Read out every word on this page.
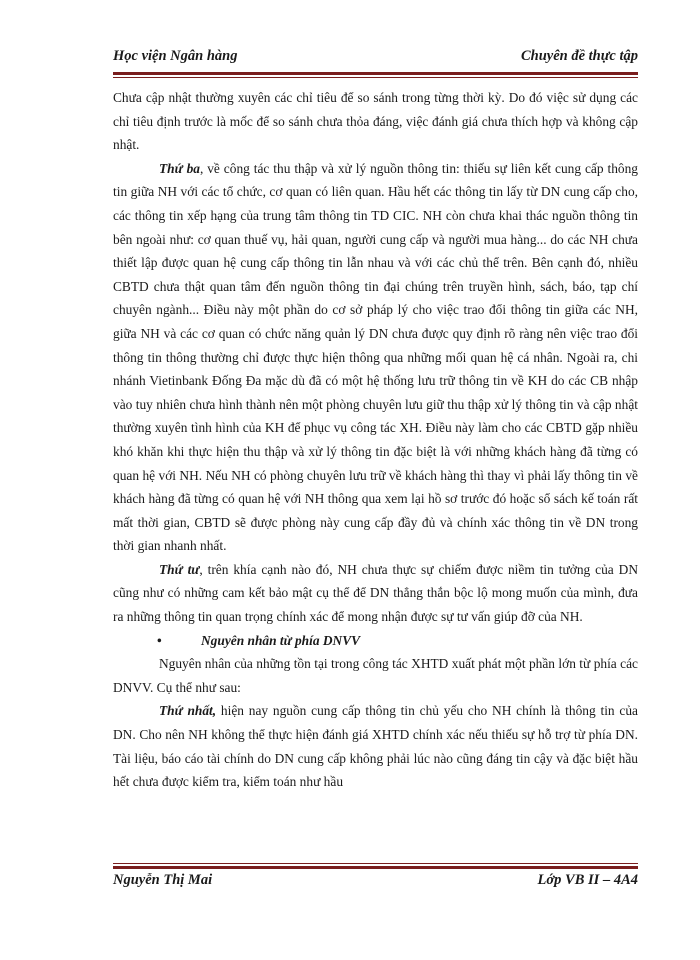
Học viện Ngân hàng	Chuyên đề thực tập

Chưa cập nhật thường xuyên các chỉ tiêu để so sánh trong từng thời kỳ. Do đó việc sử dụng các chỉ tiêu định trước là mốc để so sánh chưa thỏa đáng, việc đánh giá chưa thích hợp và không cập nhật.

Thứ ba, về công tác thu thập và xử lý nguồn thông tin: thiếu sự liên kết cung cấp thông tin giữa NH với các tổ chức, cơ quan có liên quan. Hầu hết các thông tin lấy từ DN cung cấp cho, các thông tin xếp hạng của trung tâm thông tin TD CIC. NH còn chưa khai thác nguồn thông tin bên ngoài như: cơ quan thuế vụ, hải quan, người cung cấp và người mua hàng... do các NH chưa thiết lập được quan hệ cung cấp thông tin lẫn nhau và với các chủ thể trên. Bên cạnh đó, nhiều CBTD chưa thật quan tâm đến nguồn thông tin đại chúng trên truyền hình, sách, báo, tạp chí chuyên ngành... Điều này một phần do cơ sở pháp lý cho việc trao đổi thông tin giữa các NH, giữa NH và các cơ quan có chức năng quản lý DN chưa được quy định rõ ràng nên việc trao đổi thông tin thông thường chỉ được thực hiện thông qua những mối quan hệ cá nhân. Ngoài ra, chi nhánh Vietinbank Đống Đa mặc dù đã có một hệ thống lưu trữ thông tin về KH do các CB nhập vào tuy nhiên chưa hình thành nên một phòng chuyên lưu giữ thu thập xử lý thông tin và cập nhật thường xuyên tình hình của KH để phục vụ công tác XH. Điều này làm cho các CBTD gặp nhiều khó khăn khi thực hiện thu thập và xử lý thông tin đặc biệt là với những khách hàng đã từng có quan hệ với NH. Nếu NH có phòng chuyên lưu trữ về khách hàng thì thay vì phải lấy thông tin về khách hàng đã từng có quan hệ với NH thông qua xem lại hồ sơ trước đó hoặc sổ sách kế toán rất mất thời gian, CBTD sẽ được phòng này cung cấp đầy đủ và chính xác thông tin về DN trong thời gian nhanh nhất.

Thứ tư, trên khía cạnh nào đó, NH chưa thực sự chiếm được niềm tin tưởng của DN cũng như có những cam kết bảo mật cụ thể để DN thẳng thắn bộc lộ mong muốn của mình, đưa ra những thông tin quan trọng chính xác để mong nhận được sự tư vấn giúp đỡ của NH.

•	Nguyên nhân từ phía DNVV

Nguyên nhân của những tồn tại trong công tác XHTD xuất phát một phần lớn từ phía các DNVV. Cụ thể như sau:

Thứ nhất, hiện nay nguồn cung cấp thông tin chủ yếu cho NH chính là thông tin của DN. Cho nên NH không thể thực hiện đánh giá XHTD chính xác nếu thiếu sự hỗ trợ từ phía DN. Tài liệu, báo cáo tài chính do DN cung cấp không phải lúc nào cũng đáng tin cậy và đặc biệt hầu hết chưa được kiểm tra, kiểm toán như hầu

Nguyễn Thị Mai	Lớp VB II – 4A4
